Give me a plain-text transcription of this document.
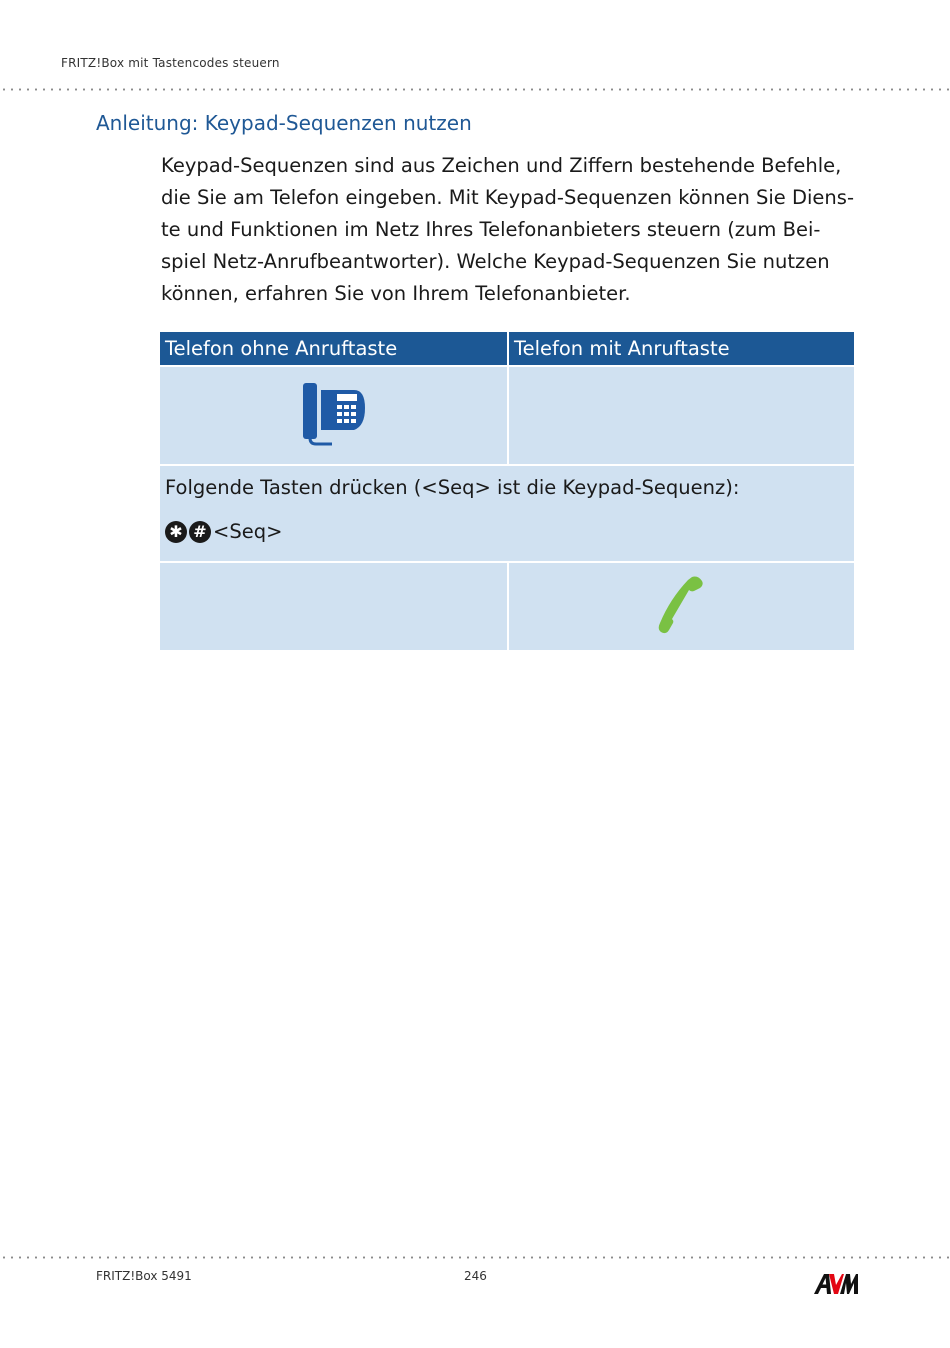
FRITZ!Box mit Tastencodes steuern
Anleitung: Keypad-Sequenzen nutzen

Keypad-Sequenzen sind aus Zeichen und Ziffern bestehende Befehle,
die Sie am Telefon eingeben. Mit Keypad-Sequenzen können Sie Diens-
te und Funktionen im Netz Ihres Telefonanbieters steuern (zum Bei-
spiel Netz-Anrufbeantworter). Welche Keypad-Sequenzen Sie nutzen
können, erfahren Sie von Ihrem Telefonanbieter.

Telefon ohne Anruftaste	Telefon mit Anruftaste
Folgende Tasten drücken (<Seq> ist die Keypad-Sequenz):
✱ # <Seq>
FRITZ!Box 5491	246
